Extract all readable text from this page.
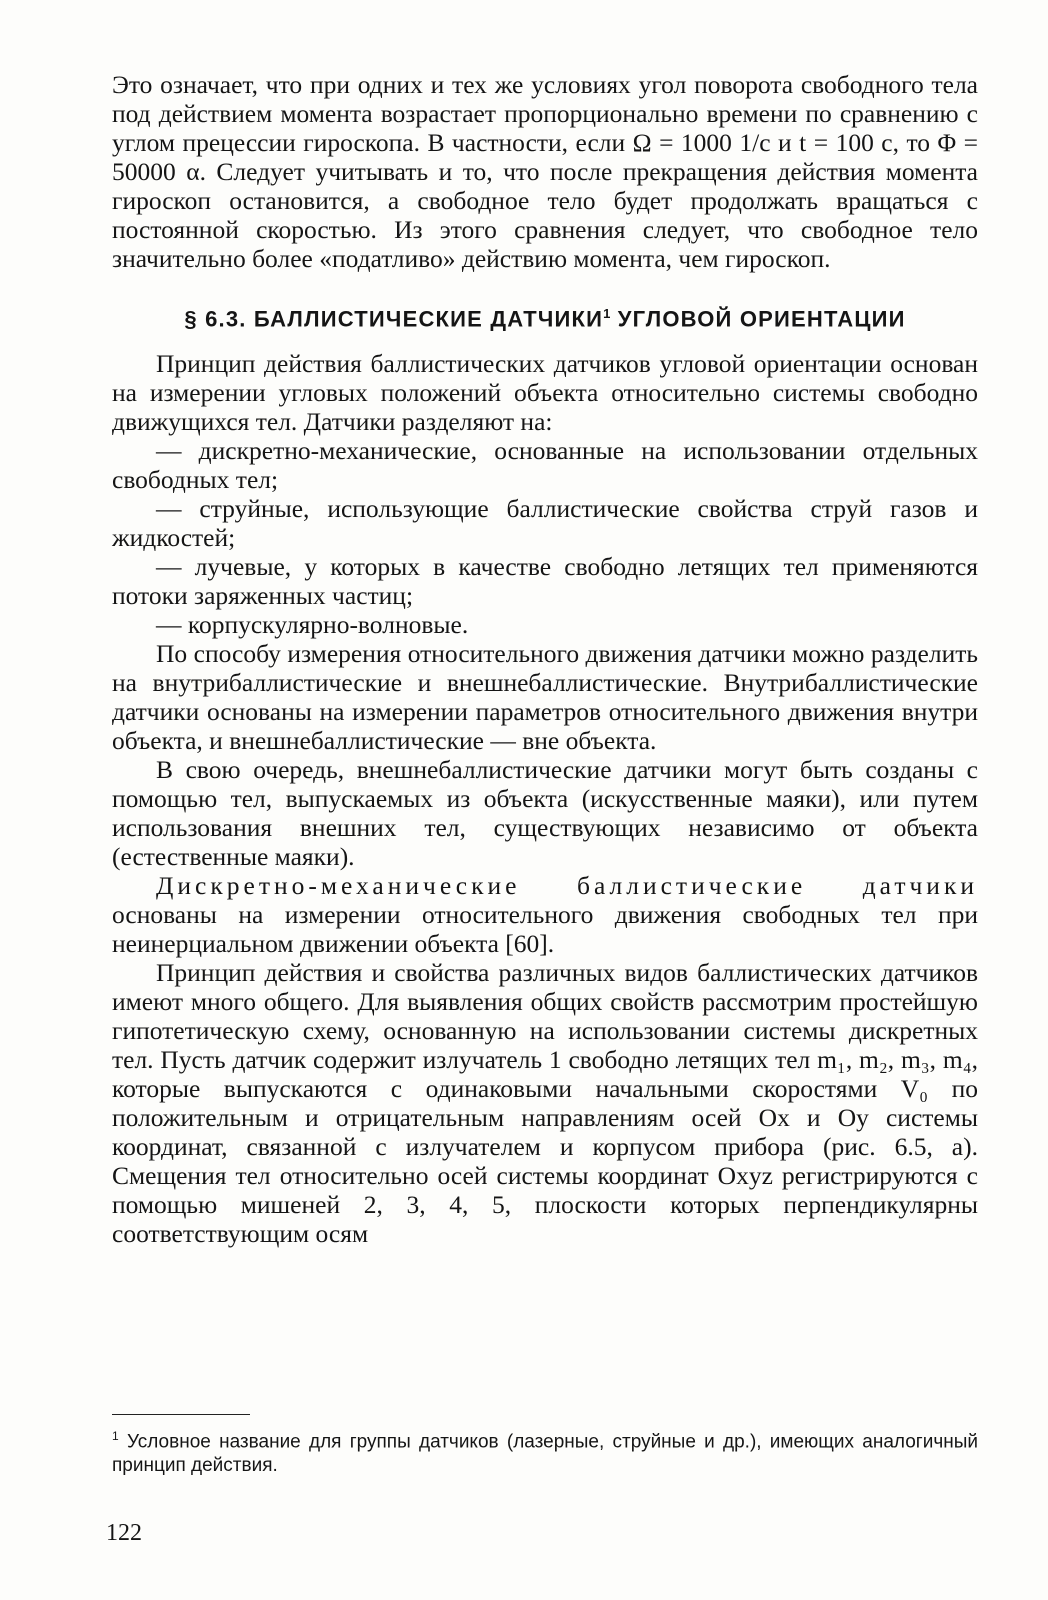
Это означает, что при одних и тех же условиях угол поворота свободного тела под действием момента возрастает пропорционально времени по сравнению с углом прецессии гироскопа. В частности, если Ω = 1000 1/с и t = 100 с, то Φ = 50000 α. Следует учитывать и то, что после прекращения действия момента гироскоп остановится, а свободное тело будет продолжать вращаться с постоянной скоростью. Из этого сравнения следует, что свободное тело значительно более «податливо» действию момента, чем гироскоп.

§ 6.3. БАЛЛИСТИЧЕСКИЕ ДАТЧИКИ$^1$ УГЛОВОЙ ОРИЕНТАЦИИ

Принцип действия баллистических датчиков угловой ориентации основан на измерении угловых положений объекта относительно системы свободно движущихся тел. Датчики разделяют на:

— дискретно-механические, основанные на использовании отдельных свободных тел;

— струйные, использующие баллистические свойства струй газов и жидкостей;

— лучевые, у которых в качестве свободно летящих тел применяются потоки заряженных частиц;

— корпускулярно-волновые.

По способу измерения относительного движения датчики можно разделить на внутрибаллистические и внешнебаллистические. Внутрибаллистические датчики основаны на измерении параметров относительного движения внутри объекта, и внешнебаллистические — вне объекта.

В свою очередь, внешнебаллистические датчики могут быть созданы с помощью тел, выпускаемых из объекта (искусственные маяки), или путем использования внешних тел, существующих независимо от объекта (естественные маяки).

Дискретно-механические баллистические датчики основаны на измерении относительного движения свободных тел при неинерциальном движении объекта [60].

Принцип действия и свойства различных видов баллистических датчиков имеют много общего. Для выявления общих свойств рассмотрим простейшую гипотетическую схему, основанную на использовании системы дискретных тел. Пусть датчик содержит излучатель 1 свободно летящих тел m₁, m₂, m₃, m₄, которые выпускаются с одинаковыми начальными скоростями V₀ по положительным и отрицательным направлениям осей Ox и Oy системы координат, связанной с излучателем и корпусом прибора (рис. 6.5, а). Смещения тел относительно осей системы координат Oxyz регистрируются с помощью мишеней 2, 3, 4, 5, плоскости которых перпендикулярны соответствующим осям

$^1$ Условное название для группы датчиков (лазерные, струйные и др.), имеющих аналогичный принцип действия.
122
